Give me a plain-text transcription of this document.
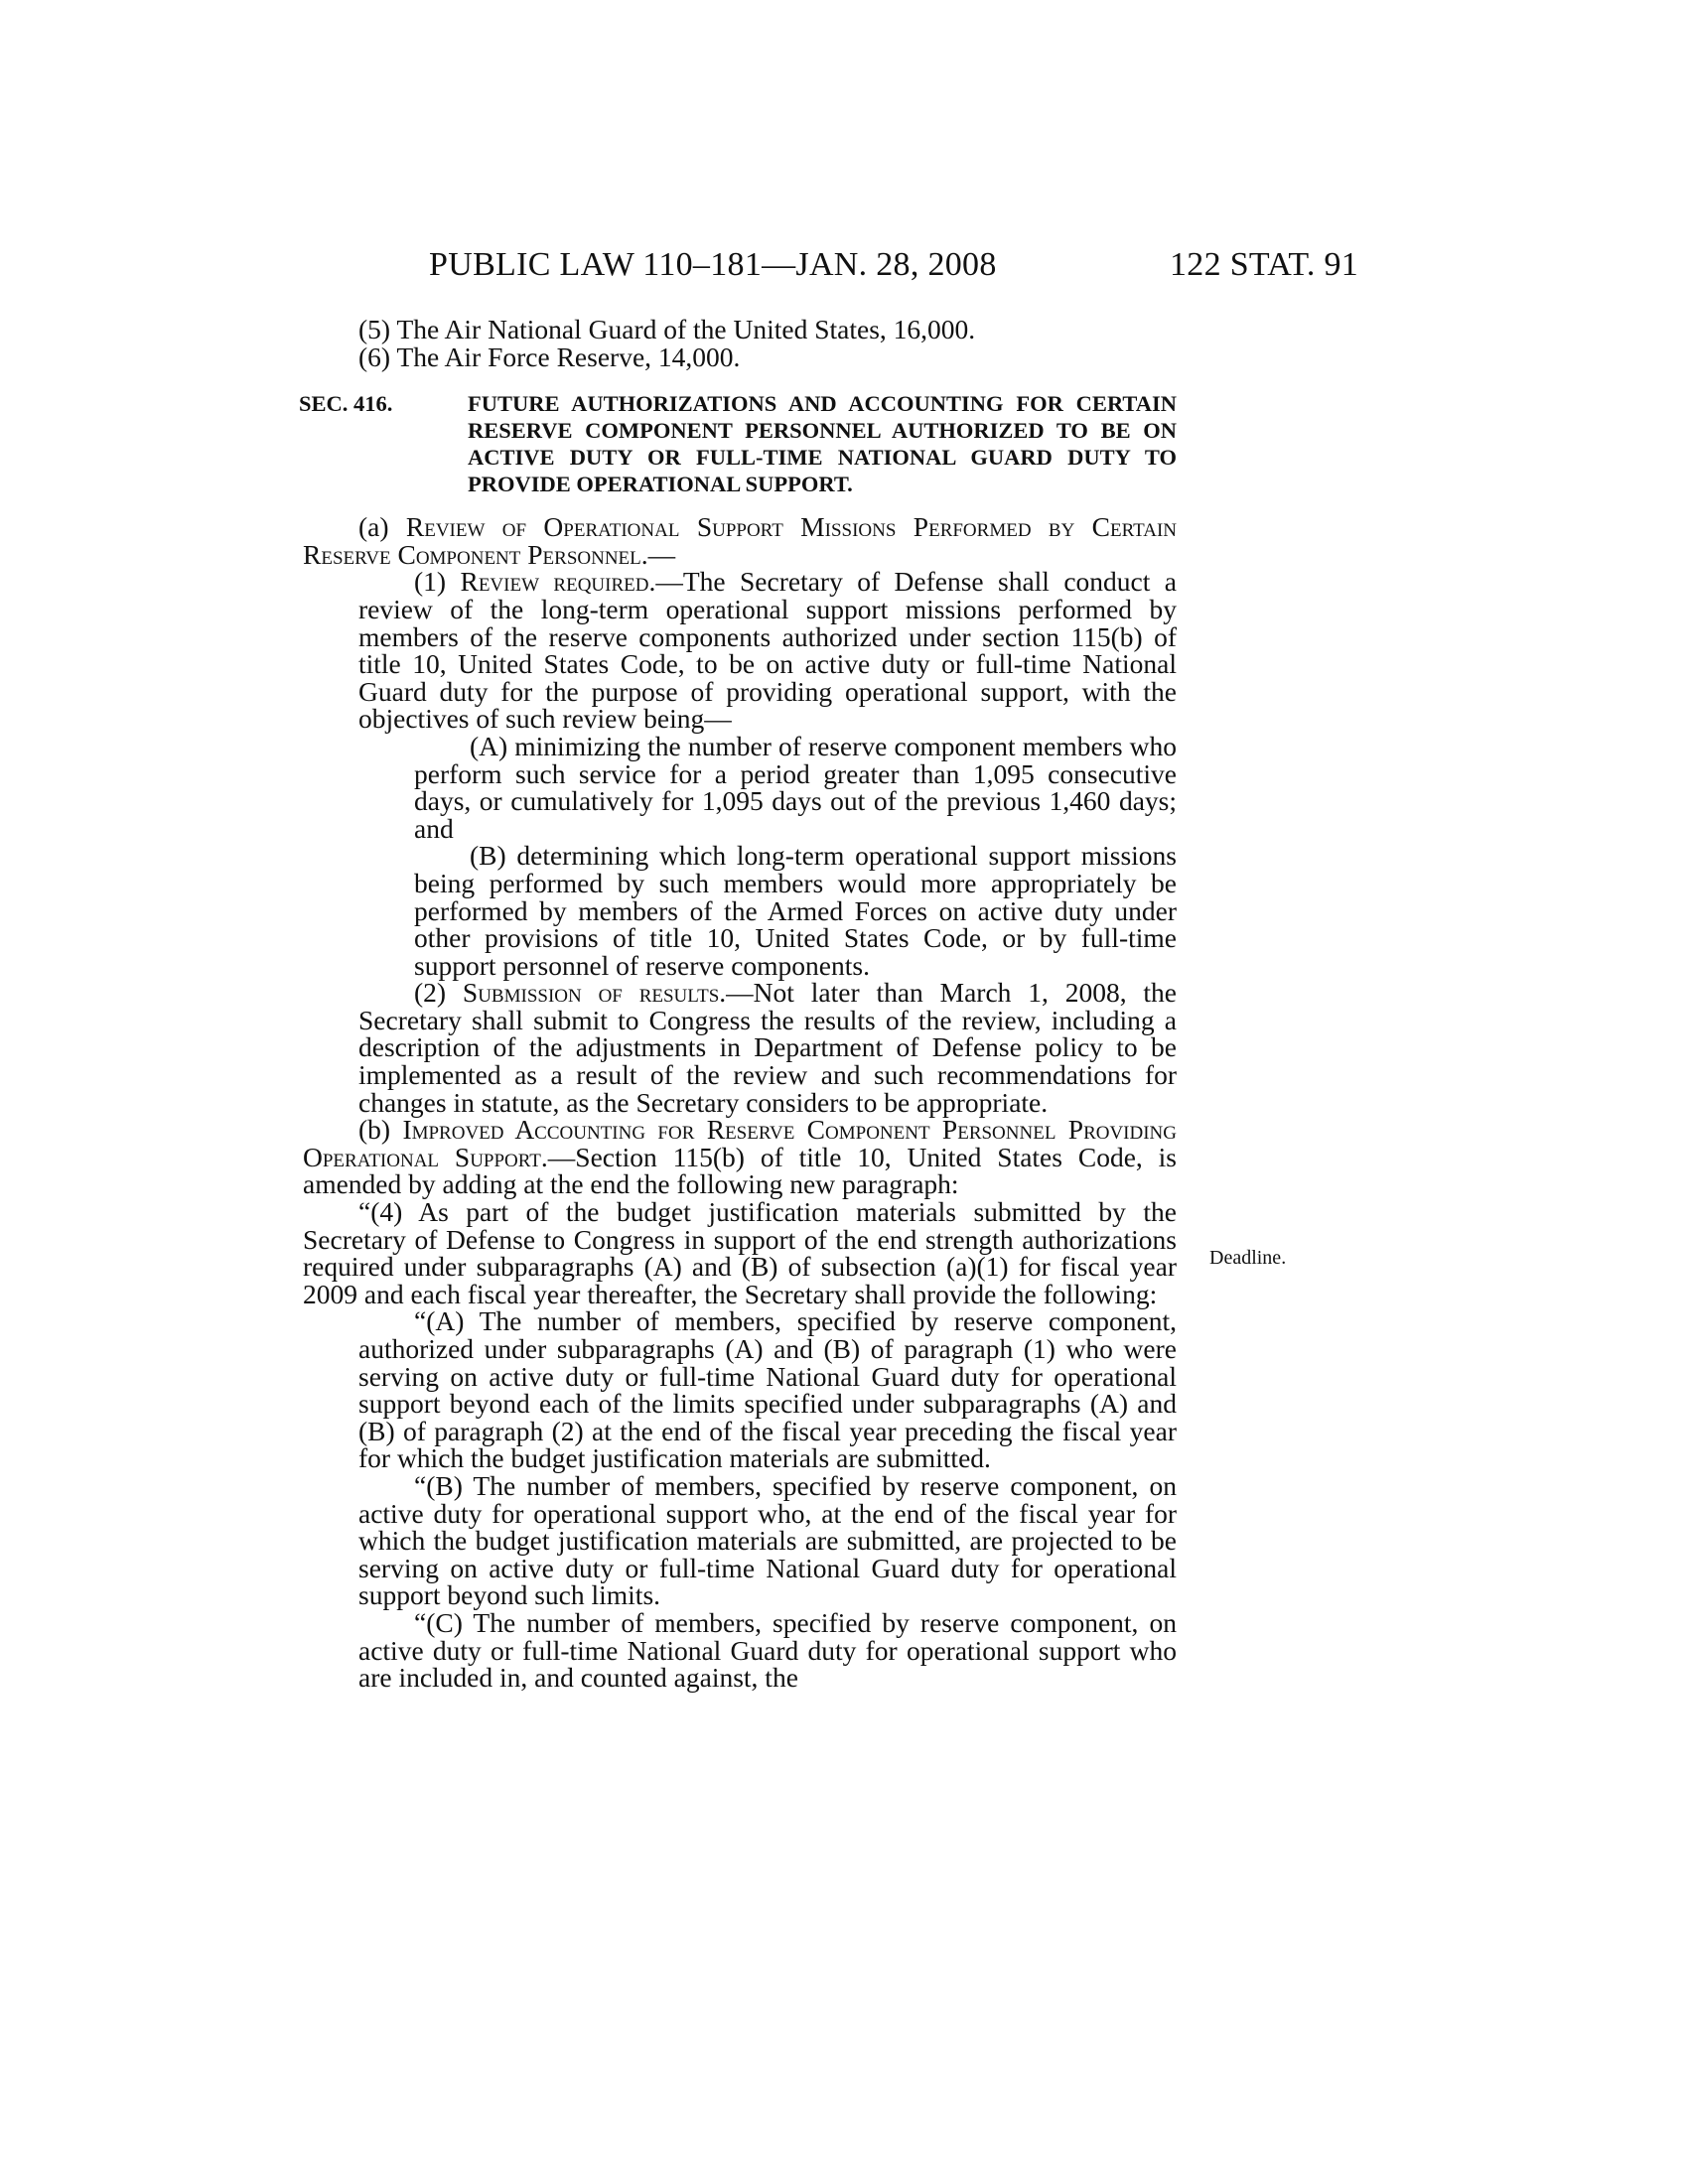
PUBLIC LAW 110–181—JAN. 28, 2008	122 STAT. 91

(5) The Air National Guard of the United States, 16,000.

(6) The Air Force Reserve, 14,000.

SEC. 416.	FUTURE AUTHORIZATIONS AND ACCOUNTING FOR CERTAIN RESERVE COMPONENT PERSONNEL AUTHORIZED TO BE ON ACTIVE DUTY OR FULL-TIME NATIONAL GUARD DUTY TO PROVIDE OPERATIONAL SUPPORT.

(a) Review of Operational Support Missions Performed by Certain Reserve Component Personnel.—

(1) Review required.—The Secretary of Defense shall conduct a review of the long-term operational support missions performed by members of the reserve components authorized under section 115(b) of title 10, United States Code, to be on active duty or full-time National Guard duty for the purpose of providing operational support, with the objectives of such review being—

(A) minimizing the number of reserve component members who perform such service for a period greater than 1,095 consecutive days, or cumulatively for 1,095 days out of the previous 1,460 days; and

(B) determining which long-term operational support missions being performed by such members would more appropriately be performed by members of the Armed Forces on active duty under other provisions of title 10, United States Code, or by full-time support personnel of reserve components.

(2) Submission of results.—Not later than March 1, 2008, the Secretary shall submit to Congress the results of the review, including a description of the adjustments in Department of Defense policy to be implemented as a result of the review and such recommendations for changes in statute, as the Secretary considers to be appropriate.

(b) Improved Accounting for Reserve Component Personnel Providing Operational Support.—Section 115(b) of title 10, United States Code, is amended by adding at the end the following new paragraph:

“(4) As part of the budget justification materials submitted by the Secretary of Defense to Congress in support of the end strength authorizations required under subparagraphs (A) and (B) of subsection (a)(1) for fiscal year 2009 and each fiscal year thereafter, the Secretary shall provide the following:

“(A) The number of members, specified by reserve component, authorized under subparagraphs (A) and (B) of paragraph (1) who were serving on active duty or full-time National Guard duty for operational support beyond each of the limits specified under subparagraphs (A) and (B) of paragraph (2) at the end of the fiscal year preceding the fiscal year for which the budget justification materials are submitted.

“(B) The number of members, specified by reserve component, on active duty for operational support who, at the end of the fiscal year for which the budget justification materials are submitted, are projected to be serving on active duty or full-time National Guard duty for operational support beyond such limits.

“(C) The number of members, specified by reserve component, on active duty or full-time National Guard duty for operational support who are included in, and counted against, the

Deadline.
